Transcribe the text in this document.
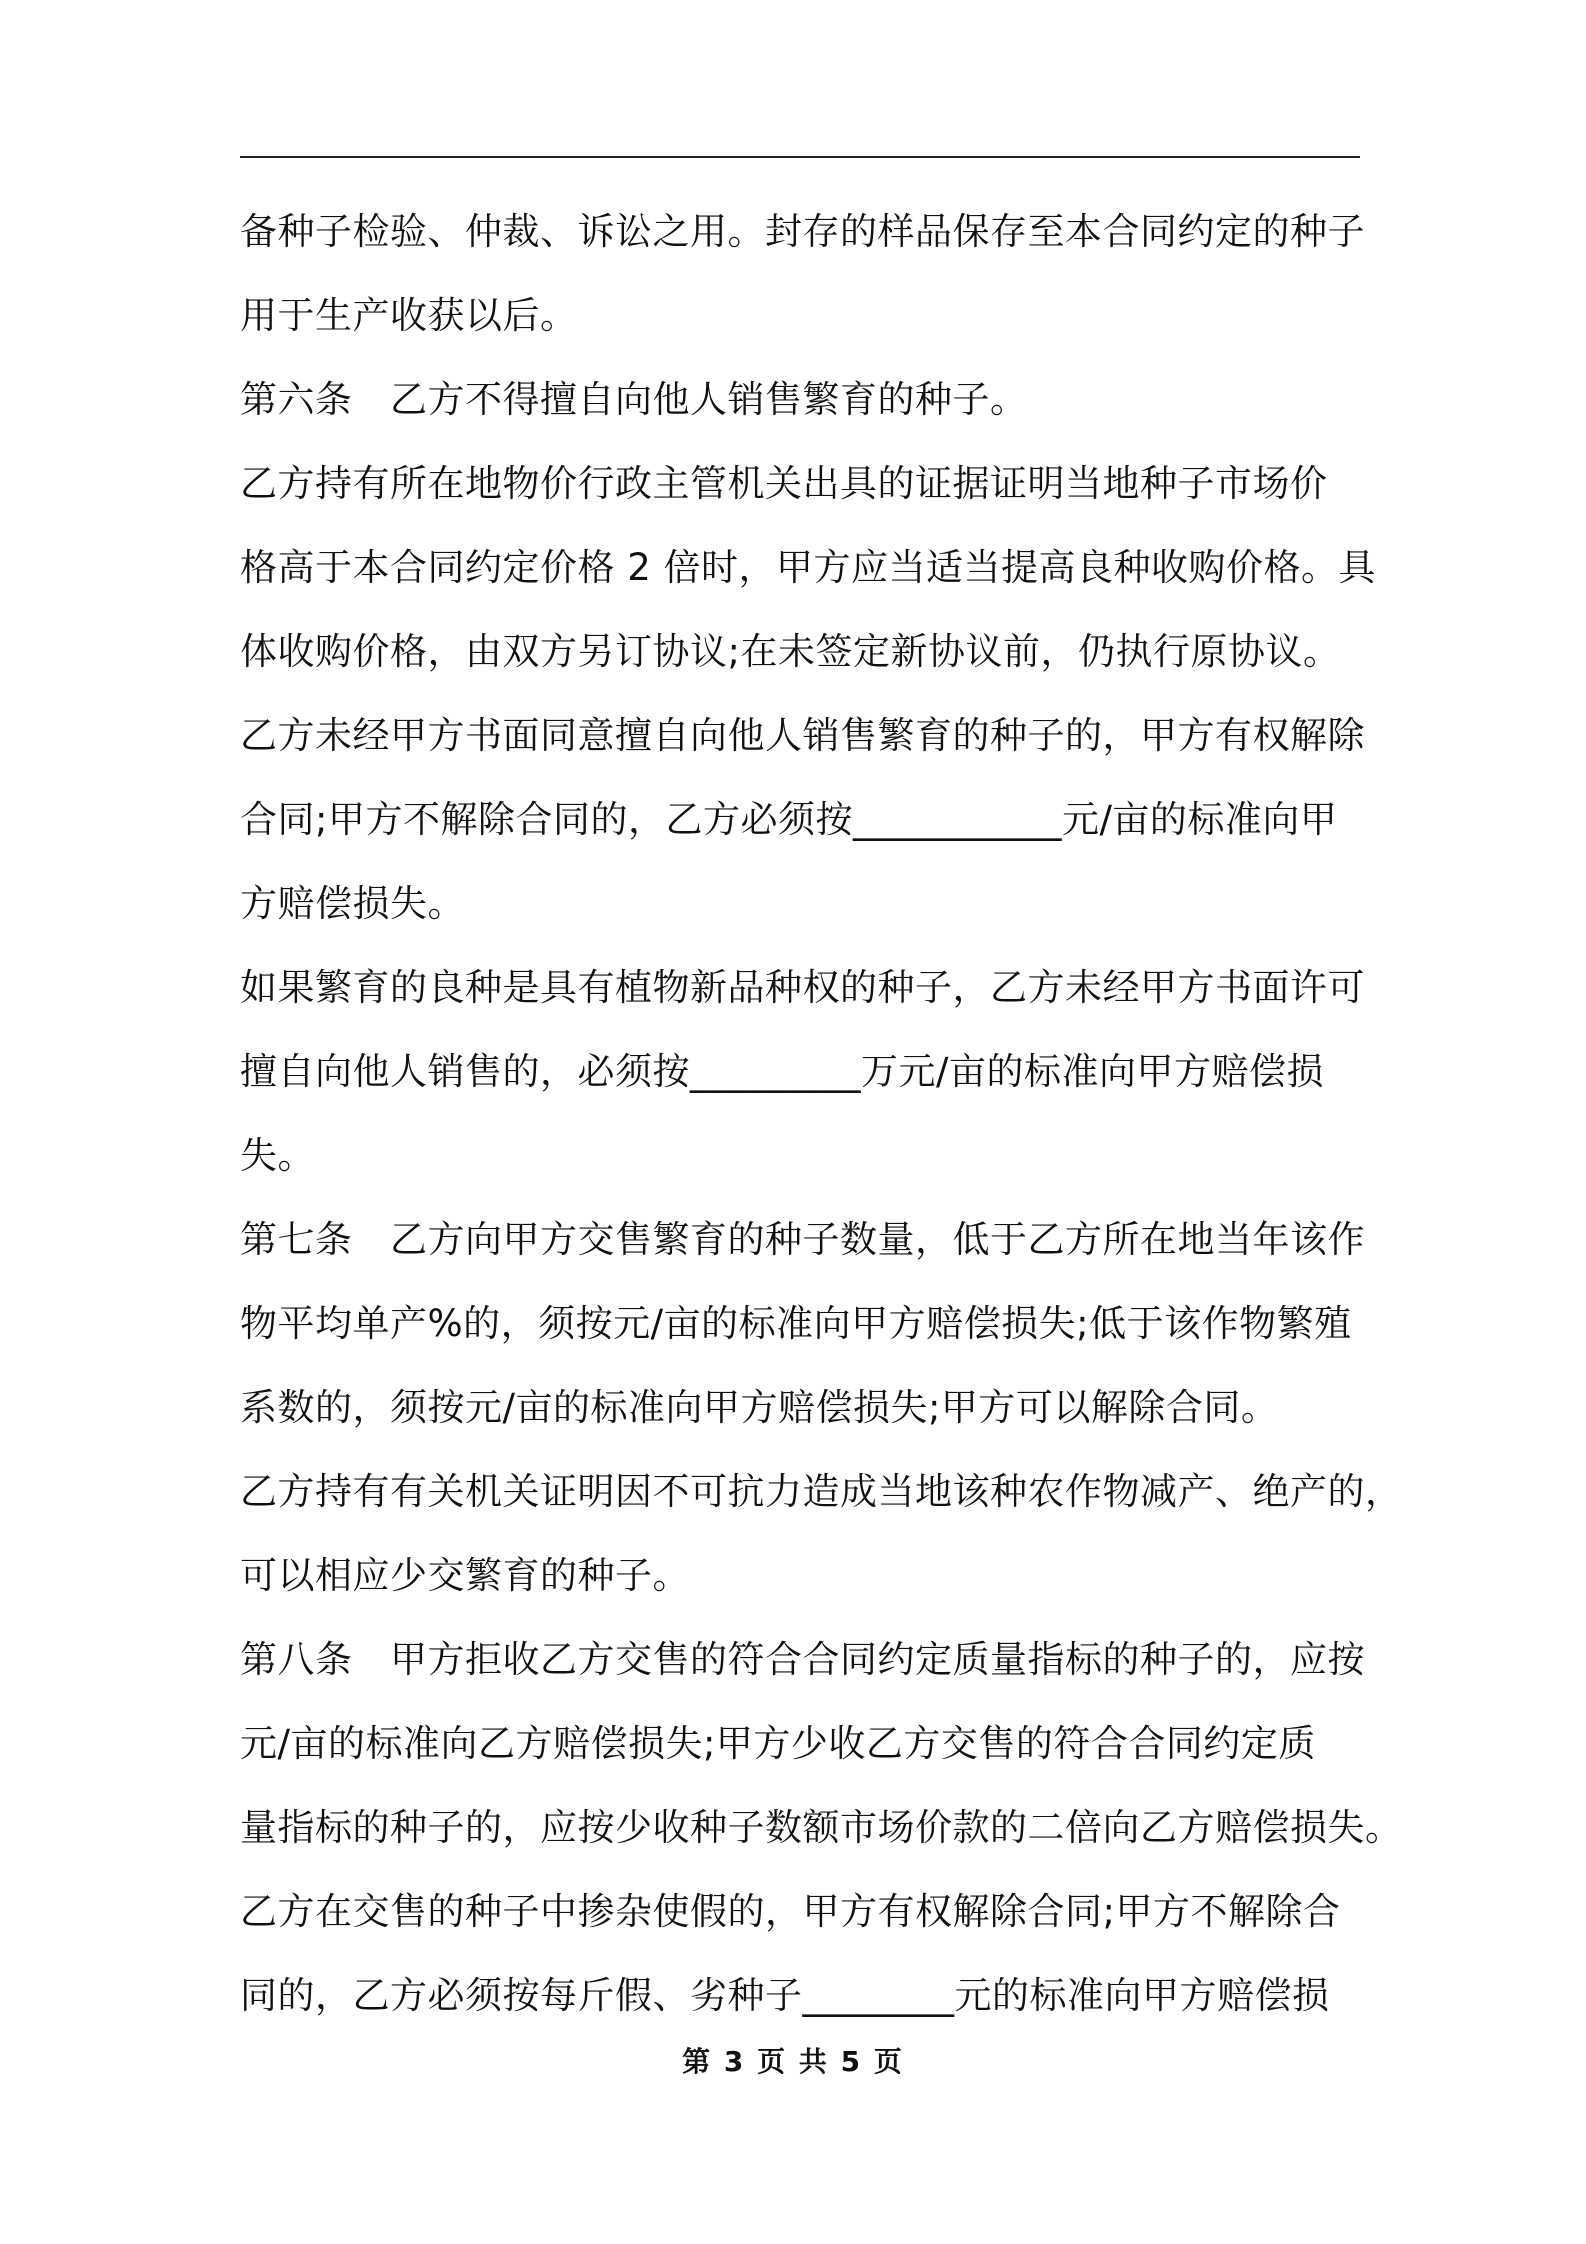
备种子检验、仲裁、诉讼之用。封存的样品保存至本合同约定的种子
用于生产收获以后。
第六条　乙方不得擅自向他人销售繁育的种子。
乙方持有所在地物价行政主管机关出具的证据证明当地种子市场价
格高于本合同约定价格 2 倍时，甲方应当适当提高良种收购价格。具
体收购价格，由双方另订协议;在未签定新协议前，仍执行原协议。
乙方未经甲方书面同意擅自向他人销售繁育的种子的，甲方有权解除
合同;甲方不解除合同的，乙方必须按___________元/亩的标准向甲
方赔偿损失。
如果繁育的良种是具有植物新品种权的种子，乙方未经甲方书面许可
擅自向他人销售的，必须按_________万元/亩的标准向甲方赔偿损
失。
第七条　乙方向甲方交售繁育的种子数量，低于乙方所在地当年该作
物平均单产%的，须按元/亩的标准向甲方赔偿损失;低于该作物繁殖
系数的，须按元/亩的标准向甲方赔偿损失;甲方可以解除合同。
乙方持有有关机关证明因不可抗力造成当地该种农作物减产、绝产的，
可以相应少交繁育的种子。
第八条　甲方拒收乙方交售的符合合同约定质量指标的种子的，应按
元/亩的标准向乙方赔偿损失;甲方少收乙方交售的符合合同约定质
量指标的种子的，应按少收种子数额市场价款的二倍向乙方赔偿损失。
乙方在交售的种子中掺杂使假的，甲方有权解除合同;甲方不解除合
同的，乙方必须按每斤假、劣种子________元的标准向甲方赔偿损
第 3 页 共 5 页
